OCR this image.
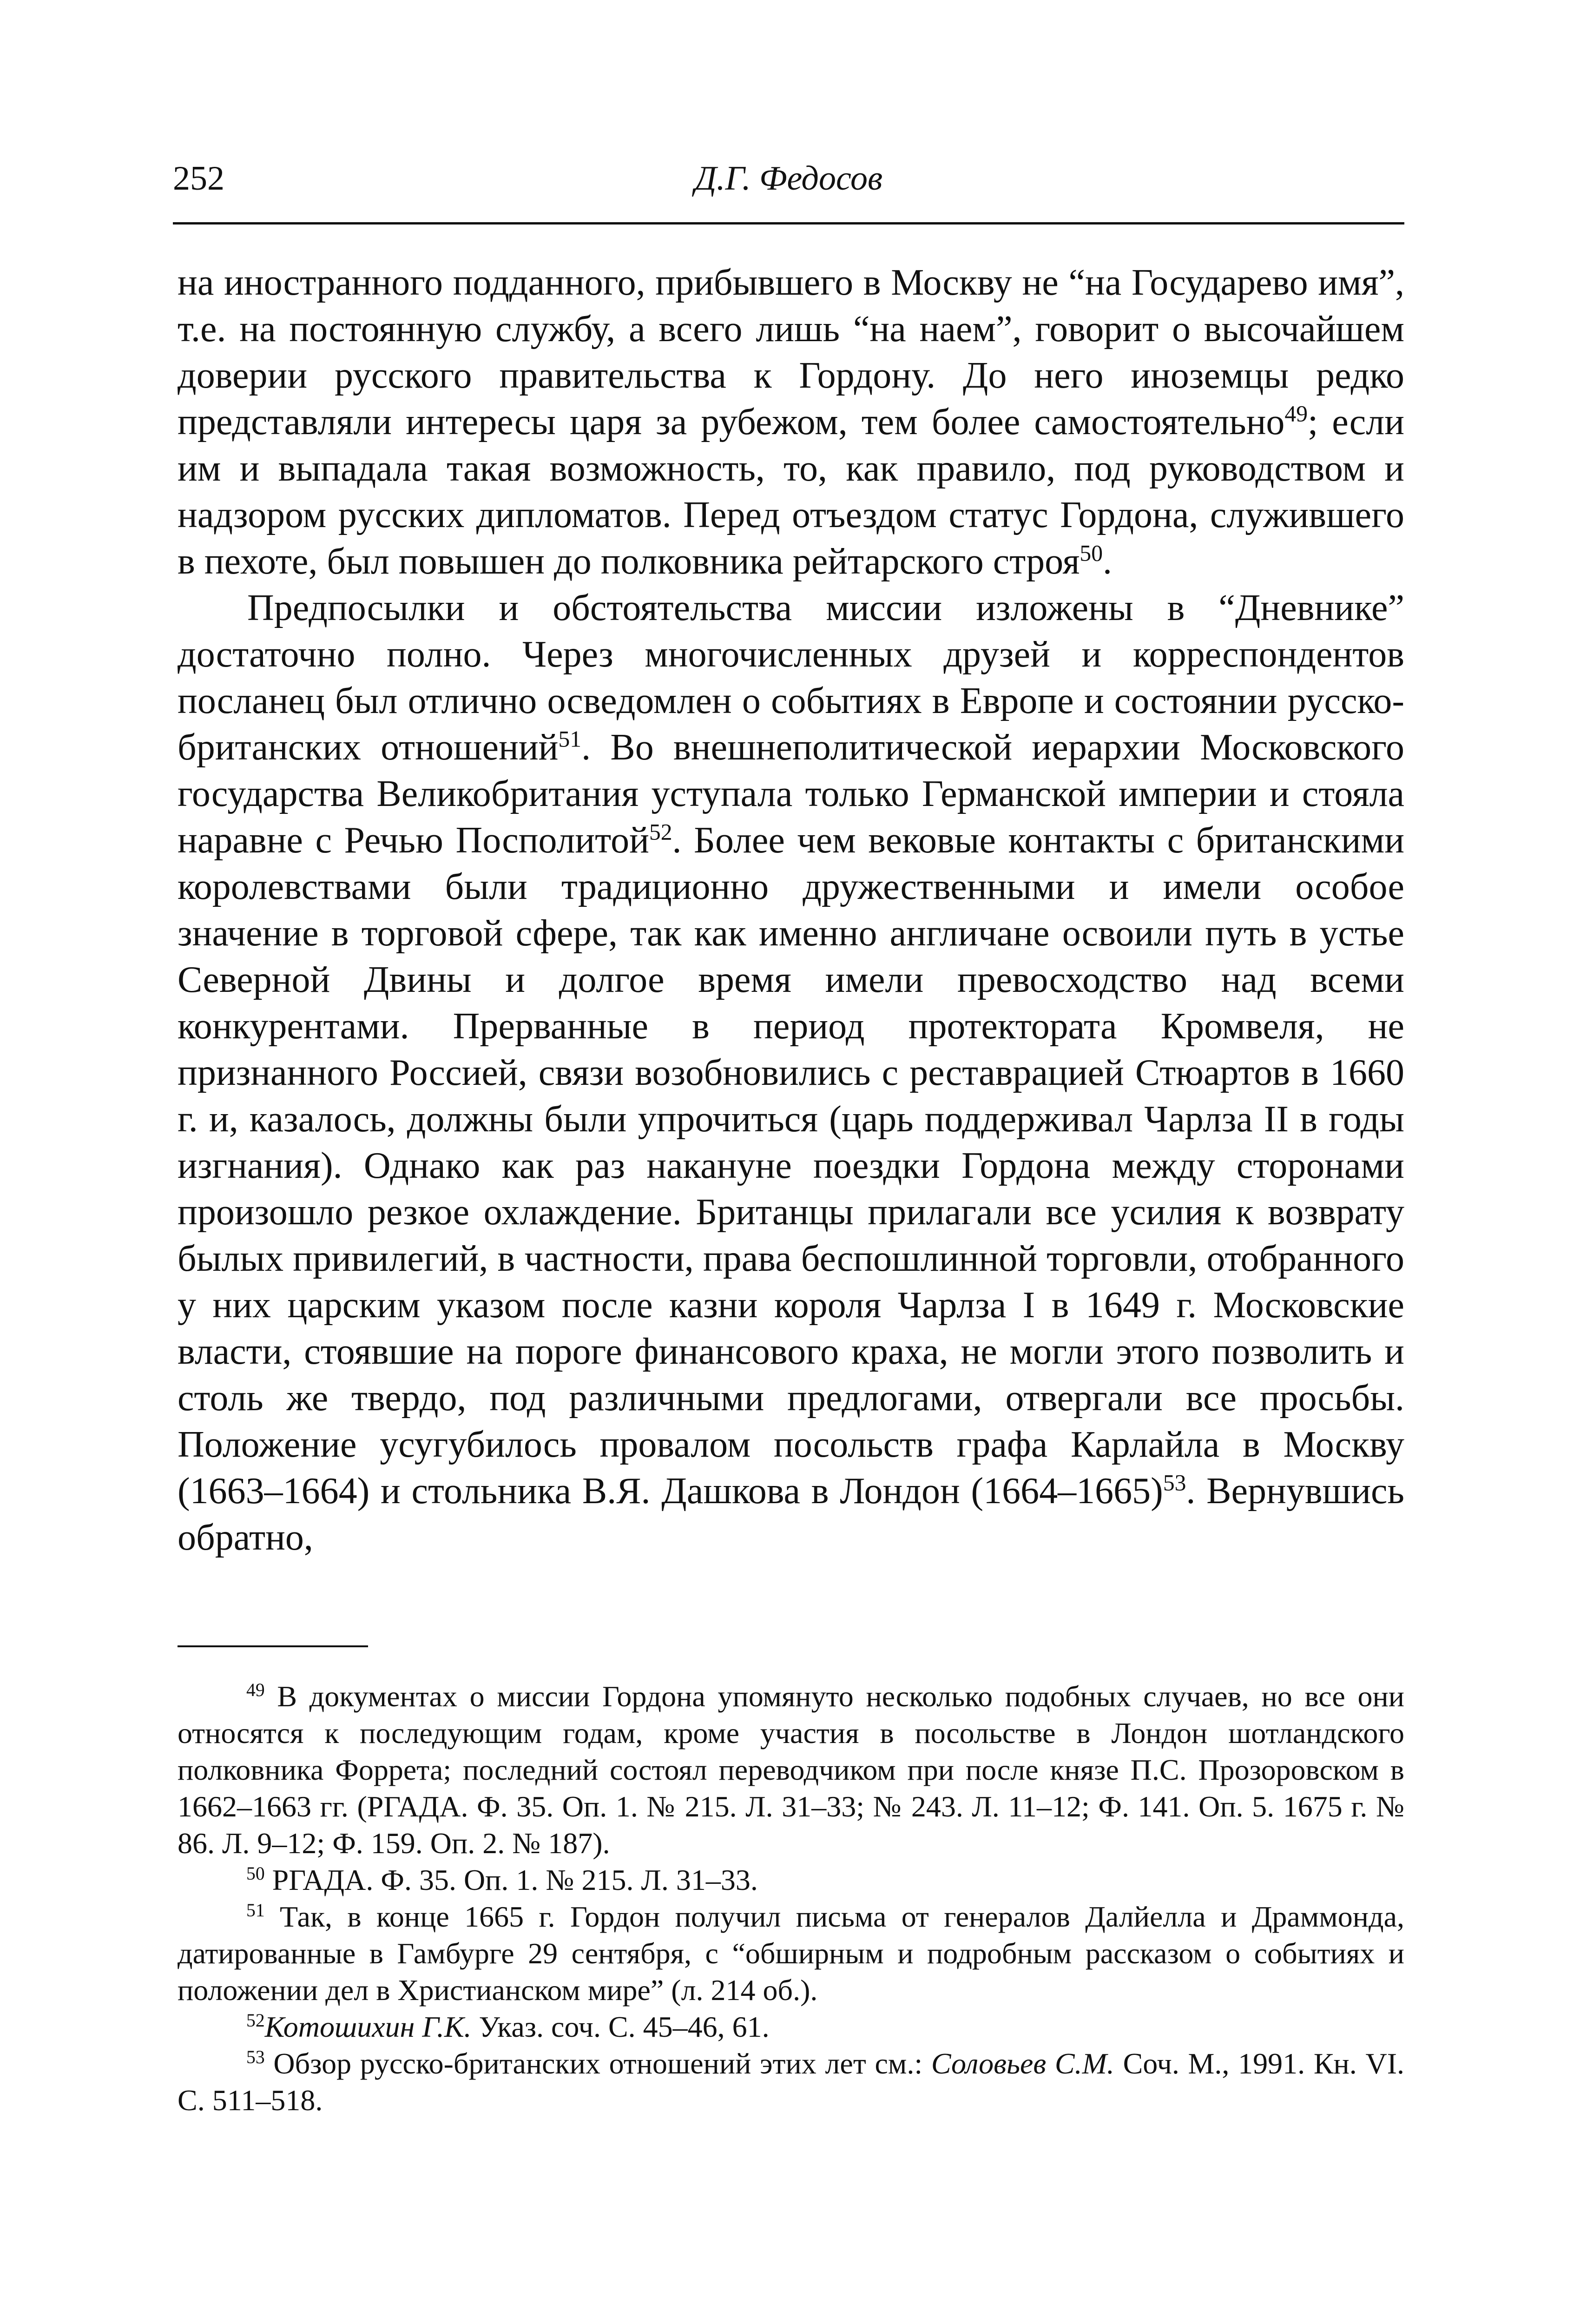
252	Д.Г. Федосов

на иностранного подданного, прибывшего в Москву не “на Государево имя”, т.е. на постоянную службу, а всего лишь “на наем”, говорит о высочайшем доверии русского правительства к Гордону. До него иноземцы редко представляли интересы царя за рубежом, тем более самостоятельно$^{49}$; если им и выпадала такая возможность, то, как правило, под руководством и надзором русских дипломатов. Перед отъездом статус Гордона, служившего в пехоте, был повышен до полковника рейтарского строя$^{50}$.

Предпосылки и обстоятельства миссии изложены в “Дневнике” достаточно полно. Через многочисленных друзей и корреспондентов посланец был отлично осведомлен о событиях в Европе и состоянии русско-британских отношений$^{51}$. Во внешнеполитической иерархии Московского государства Великобритания уступала только Германской империи и стояла наравне с Речью Посполитой$^{52}$. Более чем вековые контакты с британскими королевствами были традиционно дружественными и имели особое значение в торговой сфере, так как именно англичане освоили путь в устье Северной Двины и долгое время имели превосходство над всеми конкурентами. Прерванные в период протектората Кромвеля, не признанного Россией, связи возобновились с реставрацией Стюартов в 1660 г. и, казалось, должны были упрочиться (царь поддерживал Чарлза II в годы изгнания). Однако как раз накануне поездки Гордона между сторонами произошло резкое охлаждение. Британцы прилагали все усилия к возврату былых привилегий, в частности, права беспошлинной торговли, отобранного у них царским указом после казни короля Чарлза I в 1649 г. Московские власти, стоявшие на пороге финансового краха, не могли этого позволить и столь же твердо, под различными предлогами, отвергали все просьбы. Положение усугубилось провалом посольств графа Карлайла в Москву (1663–1664) и стольника В.Я. Дашкова в Лондон (1664–1665)$^{53}$. Вернувшись обратно,

$^{49}$ В документах о миссии Гордона упомянуто несколько подобных случаев, но все они относятся к последующим годам, кроме участия в посольстве в Лондон шотландского полковника Форрета; последний состоял переводчиком при после князе П.С. Прозоровском в 1662–1663 гг. (РГАДА. Ф. 35. Оп. 1. № 215. Л. 31–33; № 243. Л. 11–12; Ф. 141. Оп. 5. 1675 г. № 86. Л. 9–12; Ф. 159. Оп. 2. № 187).

$^{50}$ РГАДА. Ф. 35. Оп. 1. № 215. Л. 31–33.

$^{51}$ Так, в конце 1665 г. Гордон получил письма от генералов Далйелла и Драммонда, датированные в Гамбурге 29 сентября, с “обширным и подробным рассказом о событиях и положении дел в Христианском мире” (л. 214 об.).

$^{52}$Котошихин Г.К. Указ. соч. С. 45–46, 61.

$^{53}$ Обзор русско-британских отношений этих лет см.: Соловьев С.М. Соч. М., 1991. Кн. VI. С. 511–518.
